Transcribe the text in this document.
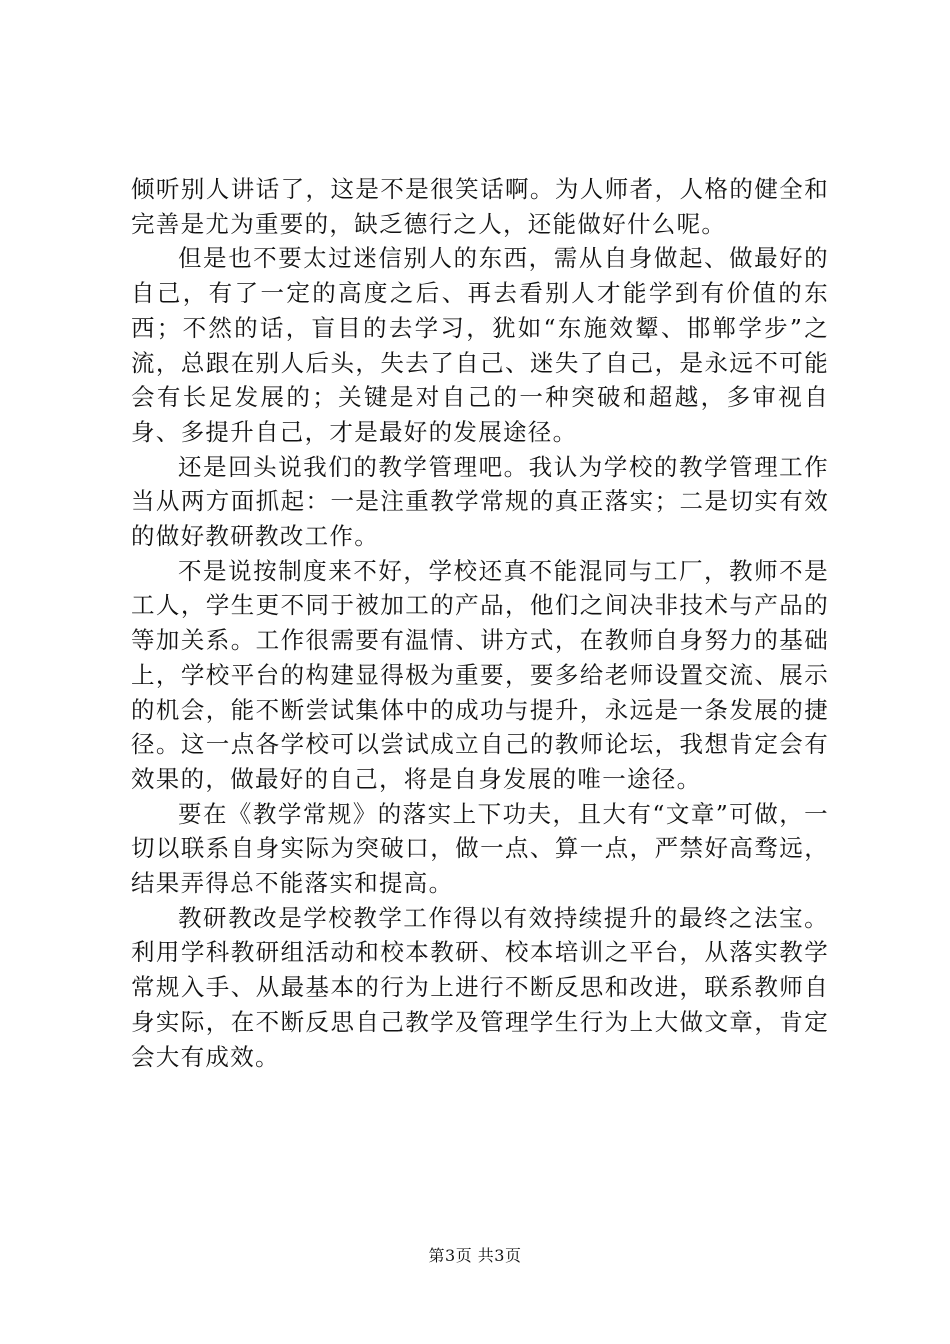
倾听别人讲话了，这是不是很笑话啊。为人师者，人格的健全和完善是尤为重要的，缺乏德行之人，还能做好什么呢。

但是也不要太过迷信别人的东西，需从自身做起、做最好的自己，有了一定的高度之后、再去看别人才能学到有价值的东西；不然的话，盲目的去学习，犹如“东施效颦、邯郸学步”之流，总跟在别人后头，失去了自己、迷失了自己，是永远不可能会有长足发展的；关键是对自己的一种突破和超越，多审视自身、多提升自己，才是最好的发展途径。

还是回头说我们的教学管理吧。我认为学校的教学管理工作当从两方面抓起：一是注重教学常规的真正落实；二是切实有效的做好教研教改工作。

不是说按制度来不好，学校还真不能混同与工厂，教师不是工人，学生更不同于被加工的产品，他们之间决非技术与产品的等加关系。工作很需要有温情、讲方式，在教师自身努力的基础上，学校平台的构建显得极为重要，要多给老师设置交流、展示的机会，能不断尝试集体中的成功与提升，永远是一条发展的捷径。这一点各学校可以尝试成立自己的教师论坛，我想肯定会有效果的，做最好的自己，将是自身发展的唯一途径。

要在《教学常规》的落实上下功夫，且大有“文章”可做，一切以联系自身实际为突破口，做一点、算一点，严禁好高骛远，结果弄得总不能落实和提高。

教研教改是学校教学工作得以有效持续提升的最终之法宝。利用学科教研组活动和校本教研、校本培训之平台，从落实教学常规入手、从最基本的行为上进行不断反思和改进，联系教师自身实际，在不断反思自己教学及管理学生行为上大做文章，肯定会大有成效。

第3页 共3页
